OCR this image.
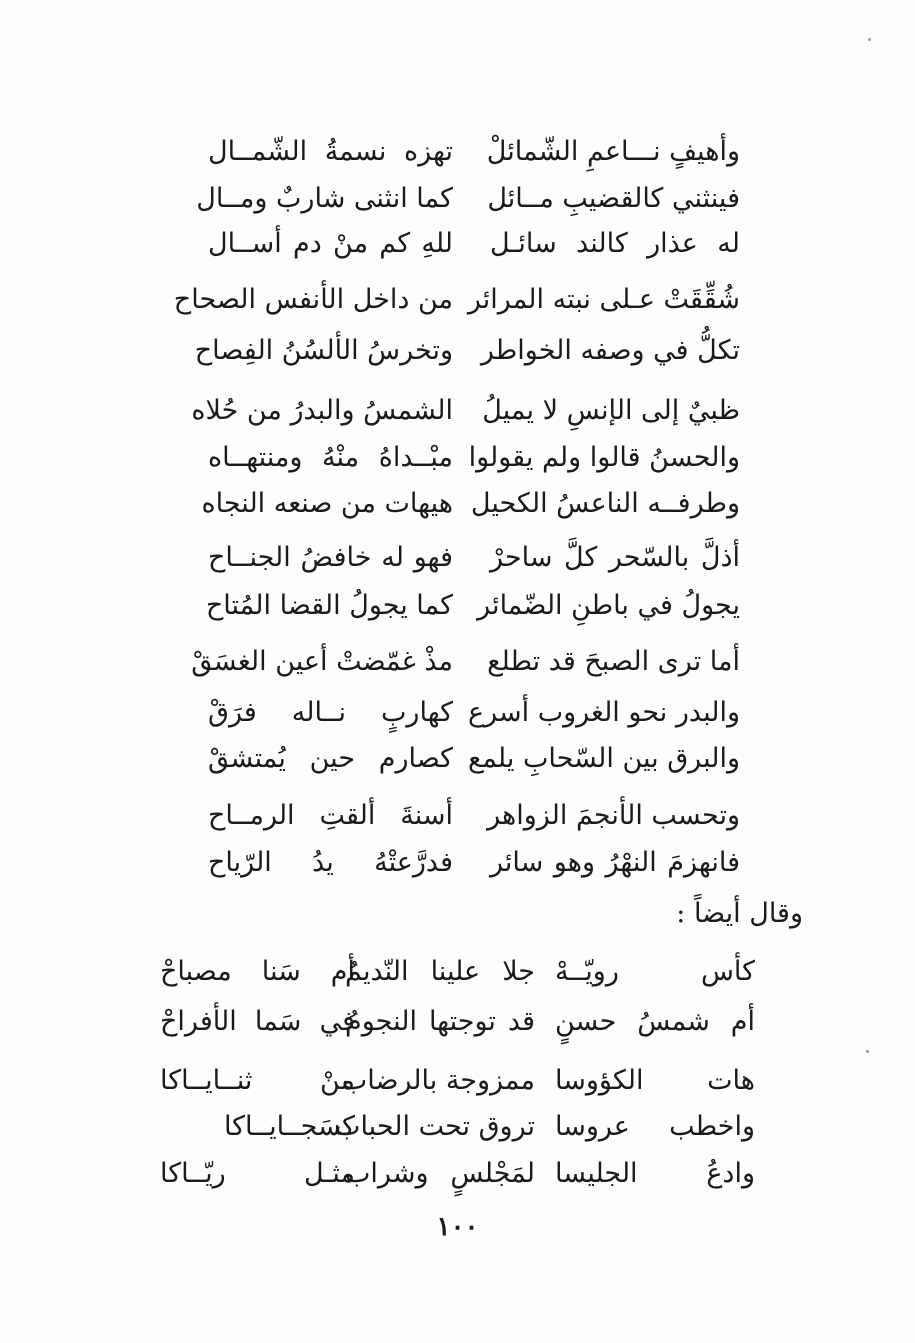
وأهيفٍ نـــاعمِ الشّمائلْ
تهزه نسمةُ الشّمــال
فينثني كالقضيبِ مــائل
كما انثنى شاربٌ ومــال
له عذار كالند سائـل
للهِ كم منْ دم أســال
شُقِّقَتْ عـلى نبته المرائر
من داخل الأنفس الصحاح
تكلُّ في وصفه الخواطر
وتخرسُ الألسُنُ الفِصاح
ظبيٌ إلى الإنسِ لا يميلُ
الشمسُ والبدرُ من حُلاه
والحسنُ قالوا ولم يقولوا
مبْــداهُ منْهُ ومنتهــاه
وطرفــه الناعسُ الكحيل
هيهات من صنعه النجاه
أذلَّ بالسّحر كلَّ ساحرْ
فهو له خافضُ الجنــاح
يجولُ في باطنِ الضّمائر
كما يجولُ القضا المُتاح
أما ترى الصبحَ قد تطلع
مذْ غمّضتْ أعين الغسَقْ
والبدر نحو الغروب أسرع
كهاربٍ نــاله فرَقْ
والبرق بين السّحابِ يلمع
كصارم حين يُمتشقْ
وتحسب الأنجمَ الزواهر
أسنةَ ألقتِ الرمــاح
فانهزمَ النهْرُ وهو سائر
فدرَّعتْهُ يدُ الرّياح
كأس رويّــهْ
جلا علينا النّديمُ
أم سَنا مصباحْ
أم شمسُ حسنٍ
قد توجتها النجومُ
في سَما الأفراحْ
هات الكؤوسا
ممزوجة بالرضاب
منْ ثنــايــاكا
واخطب عروسا
تروق تحت الحباب
كسَجــايــاكا
وادعُ الجليسا
لمَجْلسٍ وشراب
مثـل ريّــاكا
وقال أيضاً :
١٠٠
